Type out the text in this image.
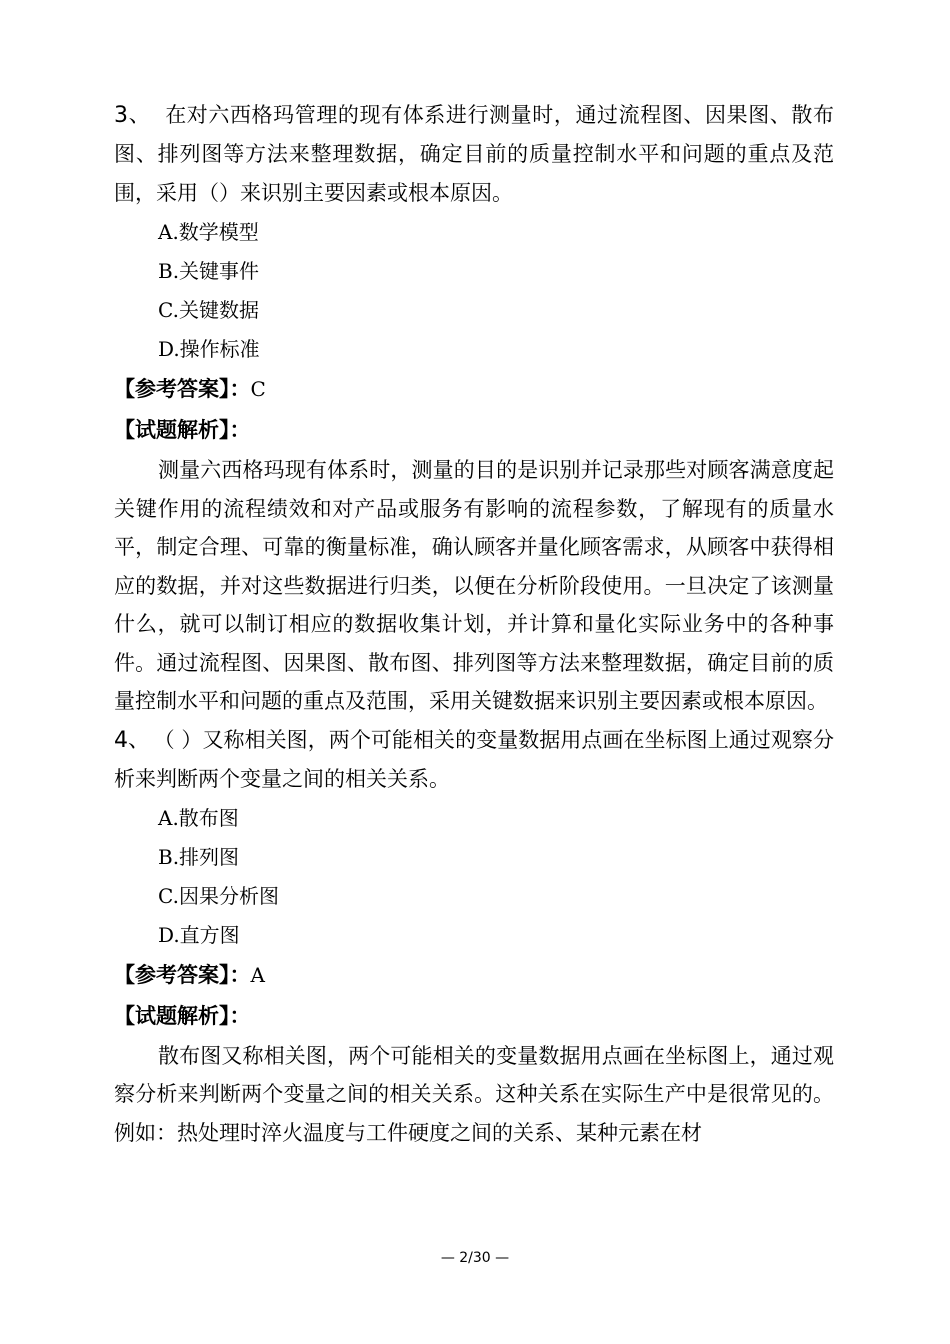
3、 在对六西格玛管理的现有体系进行测量时，通过流程图、因果图、散布图、排列图等方法来整理数据，确定目前的质量控制水平和问题的重点及范围，采用（）来识别主要因素或根本原因。

A.数学模型

B.关键事件

C.关键数据

D.操作标准

【参考答案】：C

【试题解析】：

测量六西格玛现有体系时，测量的目的是识别并记录那些对顾客满意度起关键作用的流程绩效和对产品或服务有影响的流程参数，了解现有的质量水平，制定合理、可靠的衡量标准，确认顾客并量化顾客需求，从顾客中获得相应的数据，并对这些数据进行归类，以便在分析阶段使用。一旦决定了该测量什么，就可以制订相应的数据收集计划，并计算和量化实际业务中的各种事件。通过流程图、因果图、散布图、排列图等方法来整理数据，确定目前的质量控制水平和问题的重点及范围，采用关键数据来识别主要因素或根本原因。

4、 （ ）又称相关图，两个可能相关的变量数据用点画在坐标图上通过观察分析来判断两个变量之间的相关关系。

A.散布图

B.排列图

C.因果分析图

D.直方图

【参考答案】：A

【试题解析】：

散布图又称相关图，两个可能相关的变量数据用点画在坐标图上，通过观察分析来判断两个变量之间的相关关系。这种关系在实际生产中是很常见的。例如：热处理时淬火温度与工件硬度之间的关系、某种元素在材

— 2/30 —
